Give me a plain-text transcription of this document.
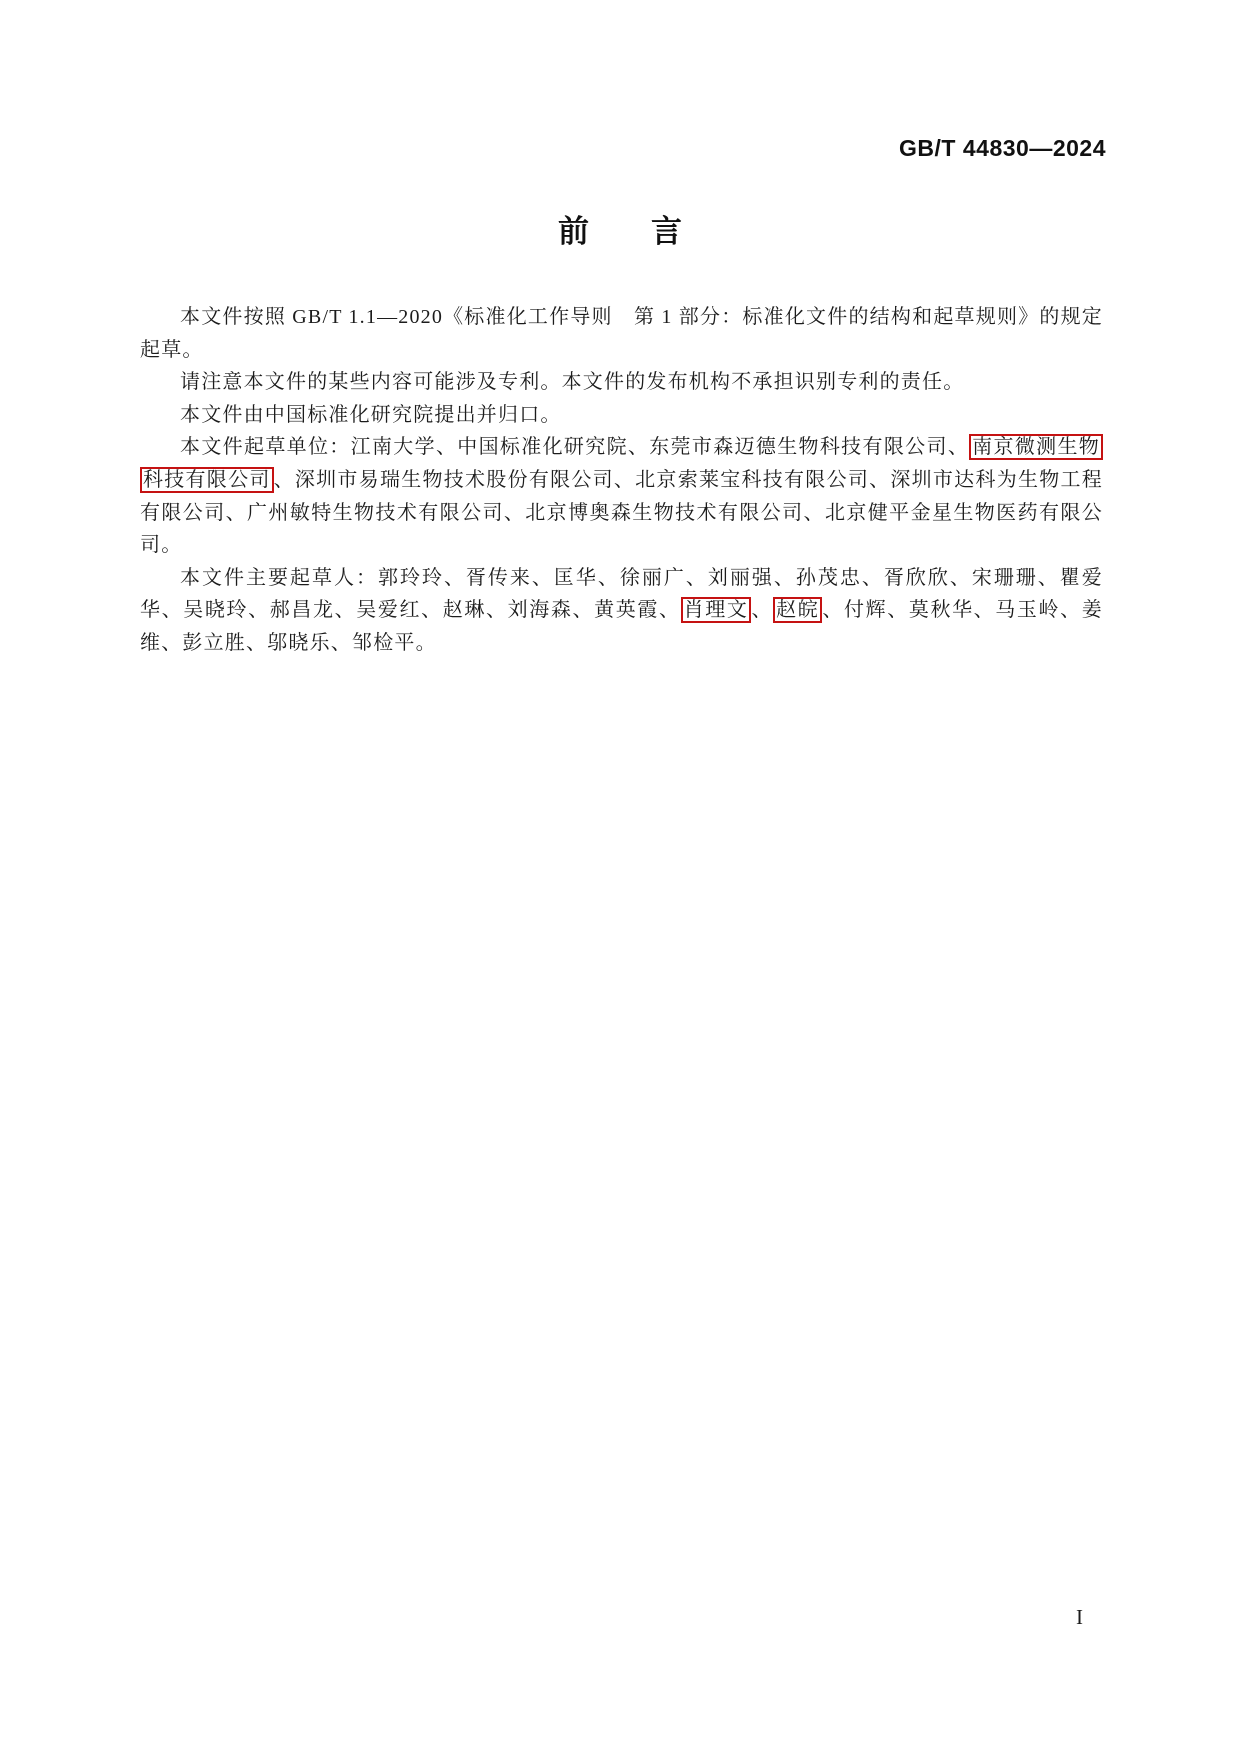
GB/T 44830—2024
前　　言

本文件按照 GB/T 1.1—2020《标准化工作导则　第 1 部分：标准化文件的结构和起草规则》的规定起草。

请注意本文件的某些内容可能涉及专利。本文件的发布机构不承担识别专利的责任。

本文件由中国标准化研究院提出并归口。

本文件起草单位：江南大学、中国标准化研究院、东莞市森迈德生物科技有限公司、 南京微测生物科技有限公司 、深圳市易瑞生物技术股份有限公司、北京索莱宝科技有限公司、深圳市达科为生物工程有限公司、广州敏特生物技术有限公司、北京博奥森生物技术有限公司、北京健平金星生物医药有限公司。

本文件主要起草人：郭玲玲、胥传来、匡华、徐丽广、刘丽强、孙茂忠、胥欣欣、宋珊珊、瞿爱华、吴晓玲、郝昌龙、吴爱红、赵琳、刘海森、黄英霞、 肖理文 、 赵皖 、付辉、莫秋华、马玉岭、姜维、彭立胜、邬晓乐、邹检平。

I
